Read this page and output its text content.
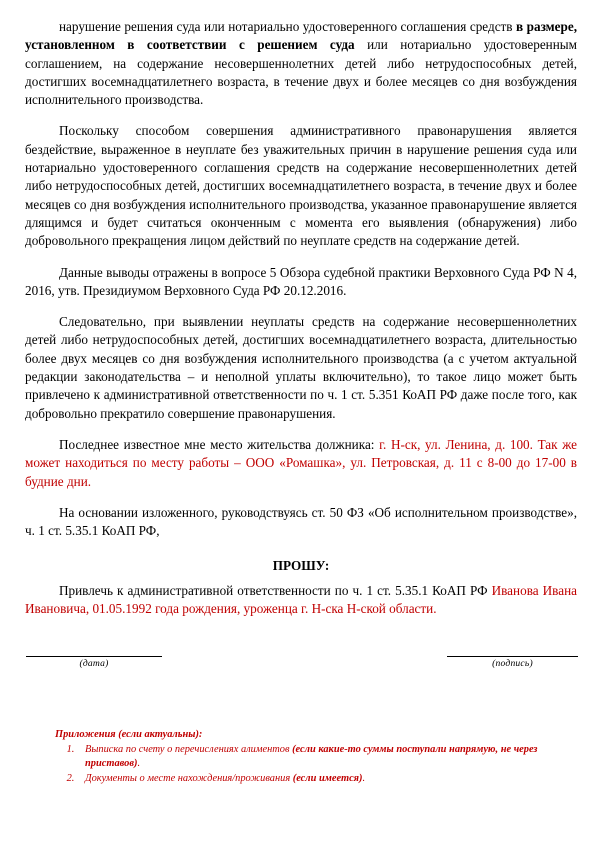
нарушение решения суда или нотариально удостоверенного соглашения средств в размере, установленном в соответствии с решением суда или нотариально удостоверенным соглашением, на содержание несовершеннолетних детей либо нетрудоспособных детей, достигших восемнадцатилетнего возраста, в течение двух и более месяцев со дня возбуждения исполнительного производства.

Поскольку способом совершения административного правонарушения является бездействие, выраженное в неуплате без уважительных причин в нарушение решения суда или нотариально удостоверенного соглашения средств на содержание несовершеннолетних детей либо нетрудоспособных детей, достигших восемнадцатилетнего возраста, в течение двух и более месяцев со дня возбуждения исполнительного производства, указанное правонарушение является длящимся и будет считаться оконченным с момента его выявления (обнаружения) либо добровольного прекращения лицом действий по неуплате средств на содержание детей.

Данные выводы отражены в вопросе 5 Обзора судебной практики Верховного Суда РФ N 4, 2016, утв. Президиумом Верховного Суда РФ 20.12.2016.

Следовательно, при выявлении неуплаты средств на содержание несовершеннолетних детей либо нетрудоспособных детей, достигших восемнадцатилетнего возраста, длительностью более двух месяцев со дня возбуждения исполнительного производства (а с учетом актуальной редакции законодательства – и неполной уплаты включительно), то такое лицо может быть привлечено к административной ответственности по ч. 1 ст. 5.351 КоАП РФ даже после того, как добровольно прекратило совершение правонарушения.

Последнее известное мне место жительства должника: г. Н-ск, ул. Ленина, д. 100. Так же может находиться по месту работы – ООО «Ромашка», ул. Петровская, д. 11 с 8-00 до 17-00 в будние дни.

На основании изложенного, руководствуясь ст. 50 ФЗ «Об исполнительном производстве», ч. 1 ст. 5.35.1 КоАП РФ,

ПРОШУ:

Привлечь к административной ответственности по ч. 1 ст. 5.35.1 КоАП РФ Иванова Ивана Ивановича, 01.05.1992 года рождения, уроженца г. Н-ска Н-ской области.

(дата)	(подпись)
Приложения (если актуальны):
1. Выписка по счету о перечислениях алиментов (если какие-то суммы поступали напрямую, не через приставов).
2. Документы о месте нахождения/проживания (если имеется).
